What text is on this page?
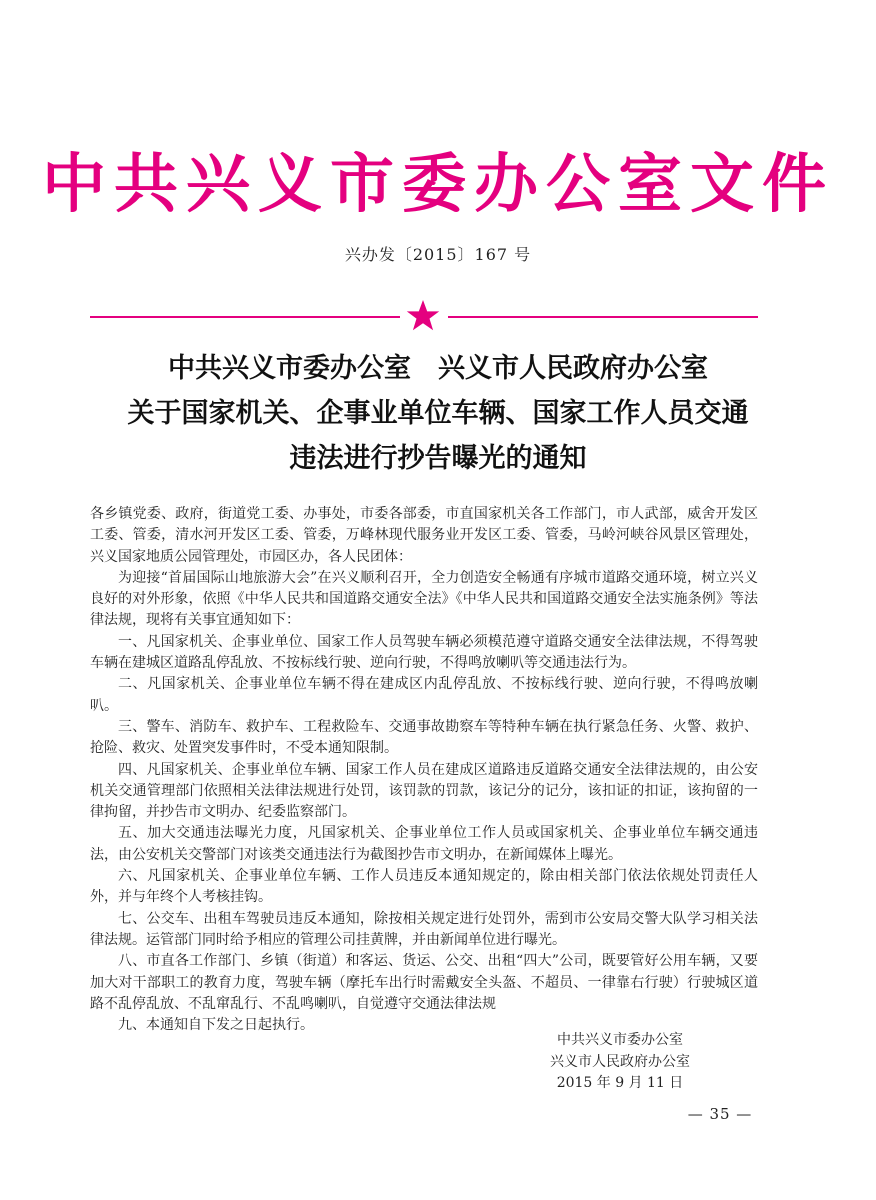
中共兴义市委办公室文件
兴办发〔2015〕167 号
中共兴义市委办公室　兴义市人民政府办公室
关于国家机关、企事业单位车辆、国家工作人员交通
违法进行抄告曝光的通知

各乡镇党委、政府，街道党工委、办事处，市委各部委，市直国家机关各工作部门，市人武部，威舍开发区工委、管委，清水河开发区工委、管委，万峰林现代服务业开发区工委、管委，马岭河峡谷风景区管理处，兴义国家地质公园管理处，市园区办，各人民团体：

为迎接“首届国际山地旅游大会”在兴义顺利召开，全力创造安全畅通有序城市道路交通环境，树立兴义良好的对外形象，依照《中华人民共和国道路交通安全法》《中华人民共和国道路交通安全法实施条例》等法律法规，现将有关事宜通知如下：

一、凡国家机关、企事业单位、国家工作人员驾驶车辆必须模范遵守道路交通安全法律法规，不得驾驶车辆在建城区道路乱停乱放、不按标线行驶、逆向行驶，不得鸣放喇叭等交通违法行为。

二、凡国家机关、企事业单位车辆不得在建成区内乱停乱放、不按标线行驶、逆向行驶，不得鸣放喇叭。

三、警车、消防车、救护车、工程救险车、交通事故勘察车等特种车辆在执行紧急任务、火警、救护、抢险、救灾、处置突发事件时，不受本通知限制。

四、凡国家机关、企事业单位车辆、国家工作人员在建成区道路违反道路交通安全法律法规的，由公安机关交通管理部门依照相关法律法规进行处罚，该罚款的罚款，该记分的记分，该扣证的扣证，该拘留的一律拘留，并抄告市文明办、纪委监察部门。

五、加大交通违法曝光力度，凡国家机关、企事业单位工作人员或国家机关、企事业单位车辆交通违法，由公安机关交警部门对该类交通违法行为截图抄告市文明办，在新闻媒体上曝光。

六、凡国家机关、企事业单位车辆、工作人员违反本通知规定的，除由相关部门依法依规处罚责任人外，并与年终个人考核挂钩。

七、公交车、出租车驾驶员违反本通知，除按相关规定进行处罚外，需到市公安局交警大队学习相关法律法规。运管部门同时给予相应的管理公司挂黄牌，并由新闻单位进行曝光。

八、市直各工作部门、乡镇（街道）和客运、货运、公交、出租“四大”公司，既要管好公用车辆，又要加大对干部职工的教育力度，驾驶车辆（摩托车出行时需戴安全头盔、不超员、一律靠右行驶）行驶城区道路不乱停乱放、不乱窜乱行、不乱鸣喇叭，自觉遵守交通法律法规

九、本通知自下发之日起执行。

中共兴义市委办公室
兴义市人民政府办公室
2015 年 9 月 11 日
— 35 —
